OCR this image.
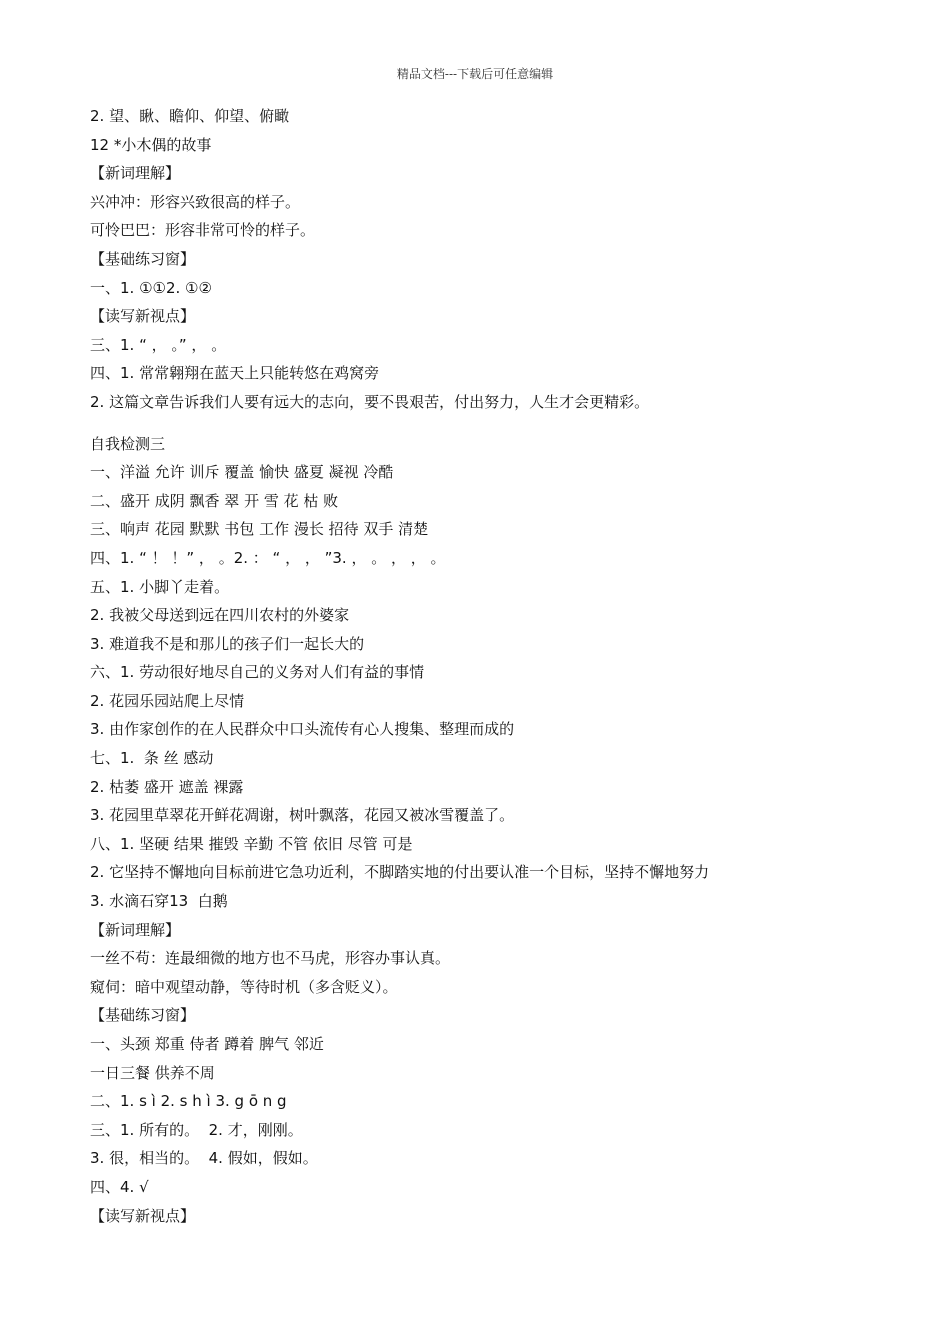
精品文档---下载后可任意编辑
2. 望、瞅、瞻仰、仰望、俯瞰
12 *小木偶的故事
【新词理解】
兴冲冲：形容兴致很高的样子。
可怜巴巴：形容非常可怜的样子。
【基础练习窗】
一、1. ①①2. ①②
【读写新视点】
三、1. “ ， 。” ， 。
四、1. 常常翱翔在蓝天上只能转悠在鸡窝旁
2. 这篇文章告诉我们人要有远大的志向，要不畏艰苦，付出努力，人生才会更精彩。
自我检测三
一、洋溢 允许 训斥 覆盖 愉快 盛夏 凝视 冷酷
二、盛开 成阴 飘香 翠 开 雪 花 枯 败
三、响声 花园 默默 书包 工作 漫长 招待 双手 清楚
四、1. “ ！ ！” ， 。2. ： “ ， ， ”3. ， 。 ， ， 。
五、1. 小脚丫走着。
2. 我被父母送到远在四川农村的外婆家
3. 难道我不是和那儿的孩子们一起长大的
六、1. 劳动很好地尽自己的义务对人们有益的事情
2. 花园乐园站爬上尽情
3. 由作家创作的在人民群众中口头流传有心人搜集、整理而成的
七、1.  条 丝 感动
2. 枯萎 盛开 遮盖 裸露
3. 花园里草翠花开鲜花凋谢，树叶飘落，花园又被冰雪覆盖了。
八、1. 坚硬 结果 摧毁 辛勤 不管 依旧 尽管 可是
2. 它坚持不懈地向目标前进它急功近利，不脚踏实地的付出要认准一个目标，坚持不懈地努力
3. 水滴石穿13  白鹅
【新词理解】
一丝不苟：连最细微的地方也不马虎，形容办事认真。
窥伺：暗中观望动静，等待时机（多含贬义）。
【基础练习窗】
一、头颈 郑重 侍者 蹲着 脾气 邻近
一日三餐 供养不周
二、1. s ì 2. s h ì 3. g ō n g
三、1. 所有的。  2. 才，刚刚。
3. 很，相当的。  4. 假如，假如。
四、4. √
【读写新视点】
